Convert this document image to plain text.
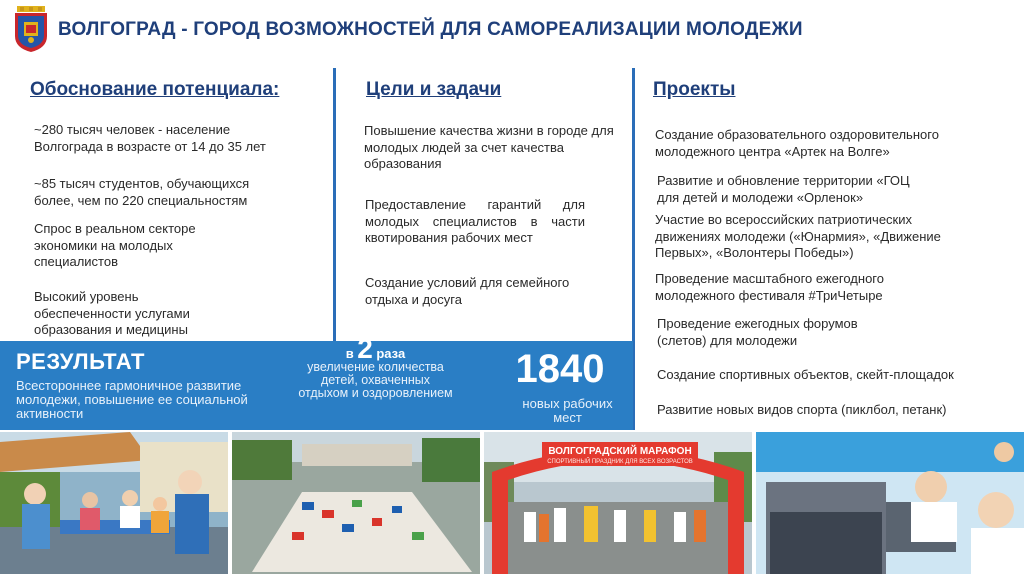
ВОЛГОГРАД - ГОРОД ВОЗМОЖНОСТЕЙ ДЛЯ САМОРЕАЛИЗАЦИИ МОЛОДЕЖИ
Обоснование потенциала:
~280 тысяч человек - население Волгограда в возрасте от 14 до 35 лет
~85 тысяч студентов, обучающихся более, чем по 220 специальностям
Спрос в реальном секторе экономики на молодых специалистов
Высокий уровень обеспеченности услугами образования и медицины
Цели и задачи
Повышение качества жизни в городе для молодых людей за счет качества образования
Предоставление гарантий для молодых специалистов в части квотирования рабочих мест
Создание условий для семейного отдыха и досуга
Проекты
Создание образовательного оздоровительного молодежного центра «Артек на Волге»
Развитие и обновление территории «ГОЦ для детей и молодежи «Орленок»
Участие во всероссийских патриотических движениях молодежи («Юнармия», «Движение Первых», «Волонтеры Победы»)
Проведение масштабного ежегодного молодежного фестиваля #ТриЧетыре
Проведение ежегодных форумов (слетов) для молодежи
Создание спортивных объектов, скейт-площадок
Развитие новых видов спорта (пиклбол, петанк)
РЕЗУЛЬТАТ
Всестороннее гармоничное развитие молодежи, повышение ее социальной активности
в 2 раза
увеличение количества детей, охваченных отдыхом и оздоровлением
1840
новых рабочих мест
ВОЛГОГРАДСКИЙ МАРАФОН
СПОРТИВНЫЙ ПРАЗДНИК ДЛЯ ВСЕХ ВОЗРАСТОВ
